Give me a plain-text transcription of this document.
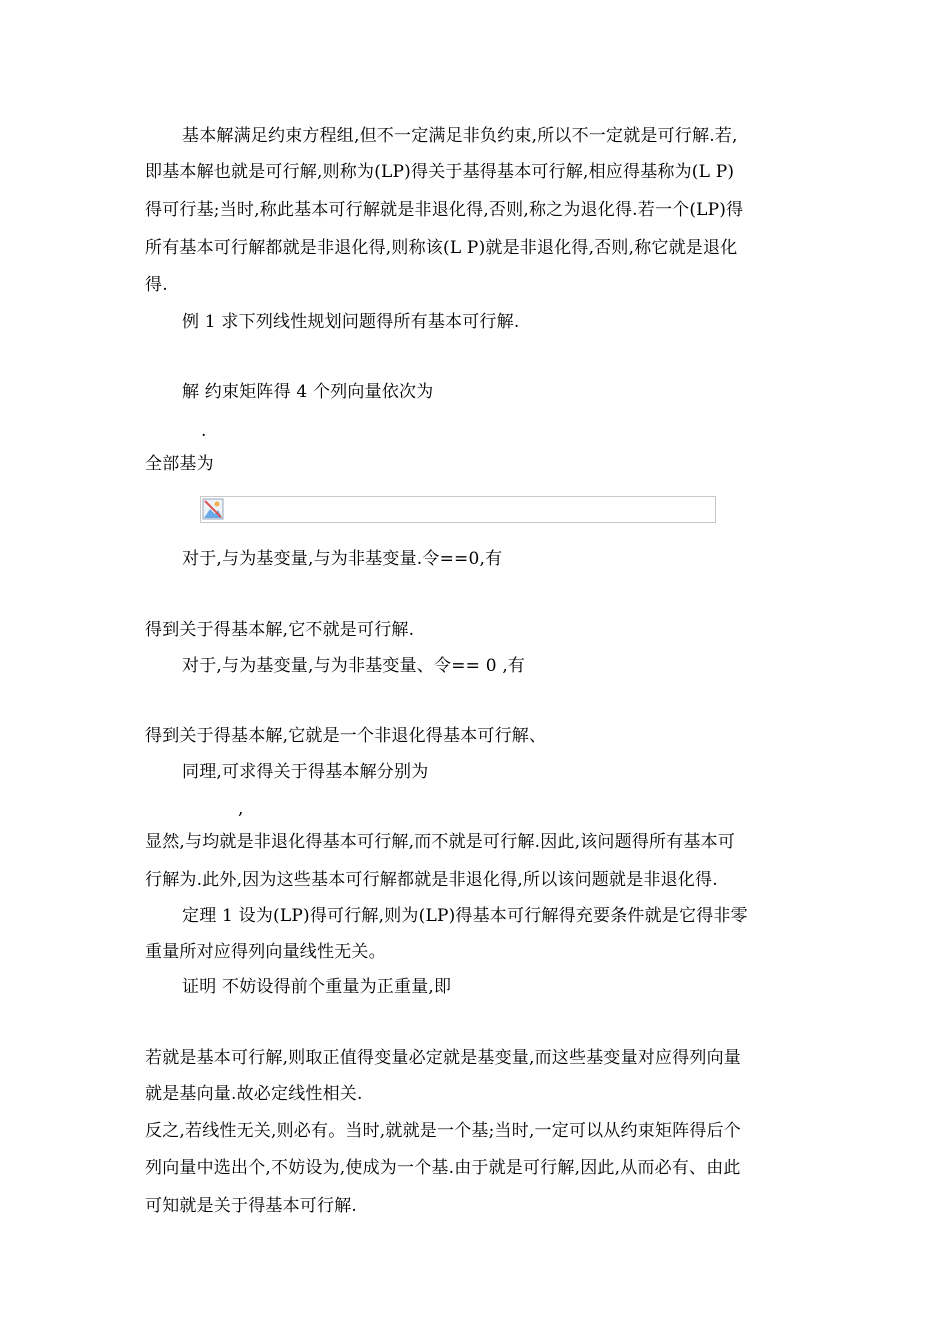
基本解满足约束方程组,但不一定满足非负约束,所以不一定就是可行解.若,
即基本解也就是可行解,则称为(LP)得关于基得基本可行解,相应得基称为(L P)
得可行基;当时,称此基本可行解就是非退化得,否则,称之为退化得.若一个(LP)得
所有基本可行解都就是非退化得,则称该(L P)就是非退化得,否则,称它就是退化
得.
例 1 求下列线性规划问题得所有基本可行解.
解 约束矩阵得 4 个列向量依次为
.
全部基为
对于,与为基变量,与为非基变量.令==0,有
得到关于得基本解,它不就是可行解.
对于,与为基变量,与为非基变量、令== 0 ,有
得到关于得基本解,它就是一个非退化得基本可行解、
同理,可求得关于得基本解分别为
,
显然,与均就是非退化得基本可行解,而不就是可行解.因此,该问题得所有基本可
行解为.此外,因为这些基本可行解都就是非退化得,所以该问题就是非退化得.
定理 1 设为(LP)得可行解,则为(LP)得基本可行解得充要条件就是它得非零
重量所对应得列向量线性无关。
证明 不妨设得前个重量为正重量,即
若就是基本可行解,则取正值得变量必定就是基变量,而这些基变量对应得列向量
就是基向量.故必定线性相关.
反之,若线性无关,则必有。当时,就就是一个基;当时,一定可以从约束矩阵得后个
列向量中选出个,不妨设为,使成为一个基.由于就是可行解,因此,从而必有、由此
可知就是关于得基本可行解.
